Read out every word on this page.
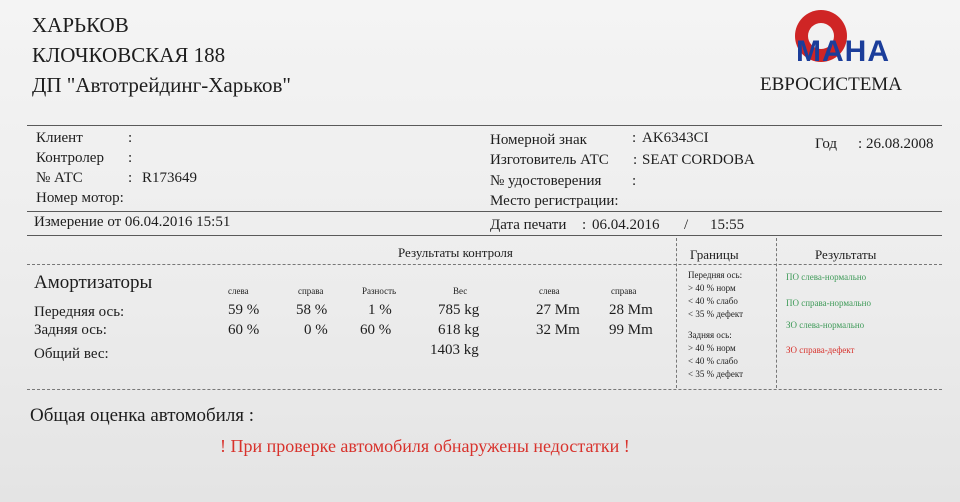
ХАРЬКОВ
КЛОЧКОВСКАЯ 188
ДП "Автотрейдинг-Харьков"
MAHA
ЕВРОСИСТЕМА
Клиент	:
Контролер :
№ АТС	: R173649
Номер мотор:
Номерной знак	: AK6343CI
Изготовитель АТС : SEAT CORDOBA
№ удостоверения :
Место регистрации:
Год : 26.08.2008
Измерение от 06.04.2016 15:51	Дата печати : 06.04.2016 / 15:55
Результаты контроля	Границы	Результаты
Амортизаторы	слева	справа	Разность	Вес	слева	справа
Передняя ось:	59 % 58 %	1 %	785 kg	27 Mm 28 Mm
Задняя ось:	60 %	0 % 60 %	618 kg	32 Mm 99 Mm
Общий вес:	1403 kg
Передняя ось:
> 40 % норм
< 40 % слабо
< 35 % дефект
Задняя ось:
> 40 % норм
< 40 % слабо
< 35 % дефект
ПО слева-нормально
ПО справа-нормально
ЗО слева-нормально
ЗО справа-дефект
Общая оценка автомобиля :
! При проверке автомобиля обнаружены недостатки !
